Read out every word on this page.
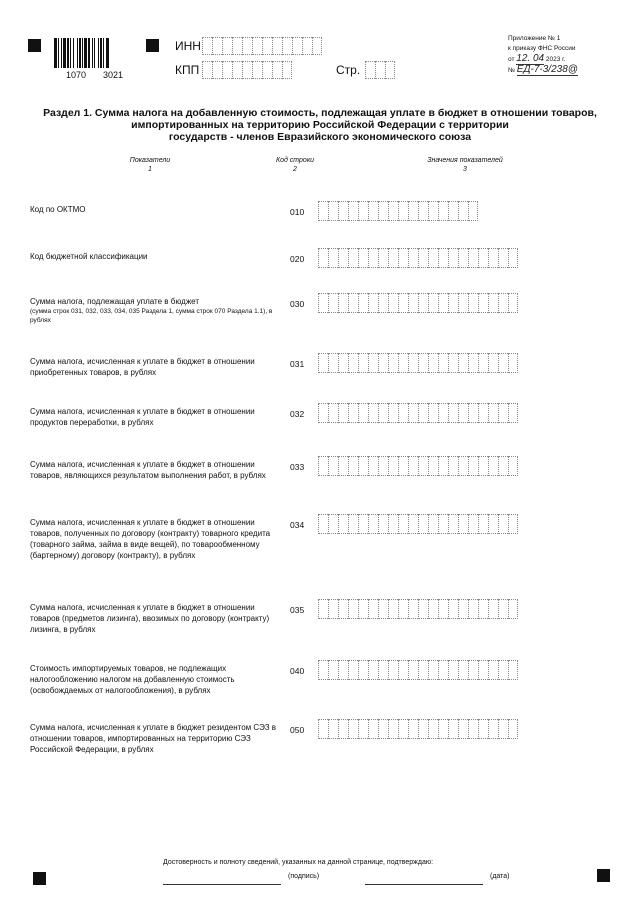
1070 3021
ИНН
КПП	Стр.
Приложение № 1
к приказу ФНС России
от 12. 04 2023 г.
№ ЕД-7-3/238@
Раздел 1. Сумма налога на добавленную стоимость, подлежащая уплате в бюджет в отношении товаров,
импортированных на территорию Российской Федерации с территории
государств - членов Евразийского экономического союза
Показатели
1
Код строки
2
Значения показателей
3
Код по ОКТМО	010
Код бюджетной классификации	020
Сумма налога, подлежащая уплате в бюджет
(сумма строк 031, 032, 033, 034, 035 Раздела 1, сумма строк 070 Раздела 1.1), в рублях
030
Сумма налога, исчисленная к уплате в бюджет в отношении приобретенных товаров, в рублях
031
Сумма налога, исчисленная к уплате в бюджет в отношении продуктов переработки, в рублях
032
Сумма налога, исчисленная к уплате в бюджет в отношении товаров, являющихся результатом выполнения работ, в рублях
033
Сумма налога, исчисленная к уплате в бюджет в отношении товаров, полученных по договору (контракту) товарного кредита (товарного займа, займа в виде вещей), по товарообменному (бартерному) договору (контракту), в рублях
034
Сумма налога, исчисленная к уплате в бюджет в отношении товаров (предметов лизинга), ввозимых по договору (контракту) лизинга, в рублях
035
Стоимость импортируемых товаров, не подлежащих налогообложению налогом на добавленную стоимость (освобождаемых от налогообложения), в рублях
040
Сумма налога, исчисленная к уплате в бюджет резидентом СЭЗ в отношении товаров, импортированных на территорию СЭЗ Российской Федерации, в рублях
050
Достоверность и полноту сведений, указанных на данной странице, подтверждаю:
(подпись)	(дата)
